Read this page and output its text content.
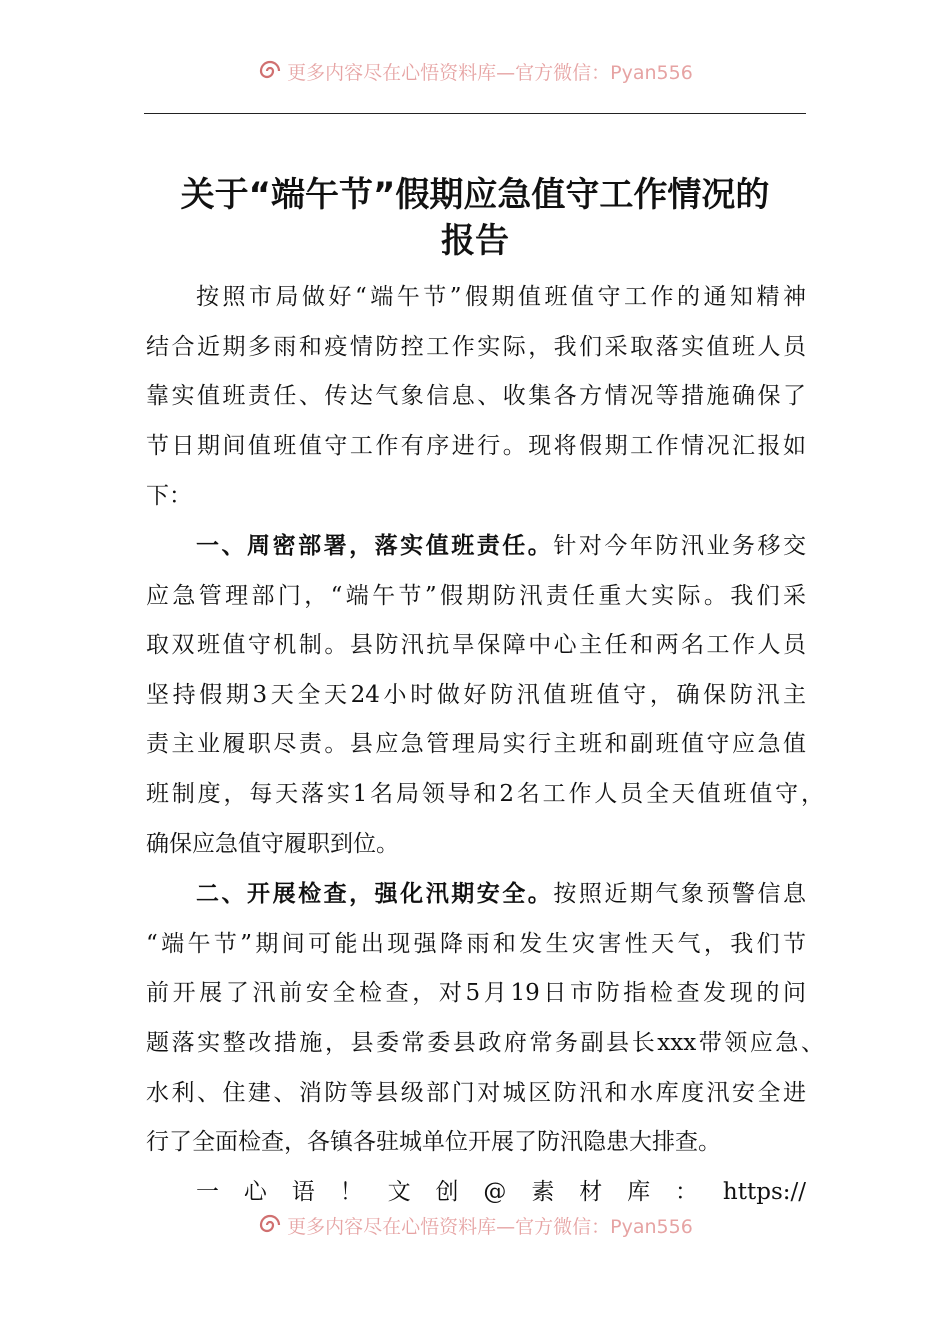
更多内容尽在心悟资料库—官方微信：Pyan556
关于“端午节”假期应急值守工作情况的
报告
按照市局做好“端午节”假期值班值守工作的通知精神
结合近期多雨和疫情防控工作实际，我们采取落实值班人员
靠实值班责任、传达气象信息、收集各方情况等措施确保了
节日期间值班值守工作有序进行。现将假期工作情况汇报如
下：
一、周密部署，落实值班责任。针对今年防汛业务移交
应急管理部门，“端午节”假期防汛责任重大实际。我们采
取双班值守机制。县防汛抗旱保障中心主任和两名工作人员
坚持假期3天全天24小时做好防汛值班值守，确保防汛主
责主业履职尽责。县应急管理局实行主班和副班值守应急值
班制度，每天落实1名局领导和2名工作人员全天值班值守，
确保应急值守履职到位。
二、开展检查，强化汛期安全。按照近期气象预警信息
“端午节”期间可能出现强降雨和发生灾害性天气，我们节
前开展了汛前安全检查，对5月19日市防指检查发现的问
题落实整改措施，县委常委县政府常务副县长xxx带领应急、
水利、住建、消防等县级部门对城区防汛和水库度汛安全进
行了全面检查，各镇各驻城单位开展了防汛隐患大排查。
一心语！文创@素材库：https://
更多内容尽在心悟资料库—官方微信：Pyan556
